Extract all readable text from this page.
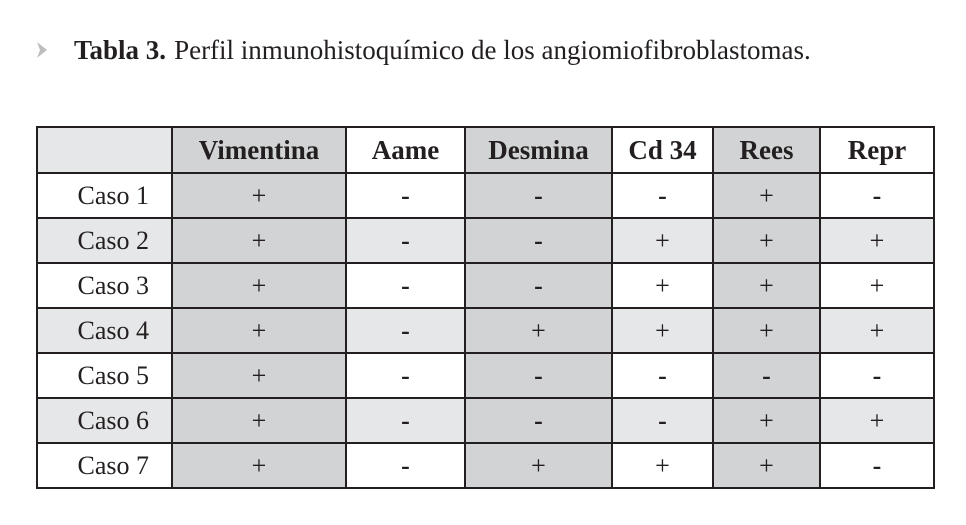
Tabla 3. Perfil inmunohistoquímico de los angiomiofibroblastomas.
	Vimentina	Aame	Desmina	Cd 34	Rees	Repr
Caso 1	+	-	-	-	+	-
Caso 2	+	-	-	+	+	+
Caso 3	+	-	-	+	+	+
Caso 4	+	-	+	+	+	+
Caso 5	+	-	-	-	-	-
Caso 6	+	-	-	-	+	+
Caso 7	+	-	+	+	+	-
